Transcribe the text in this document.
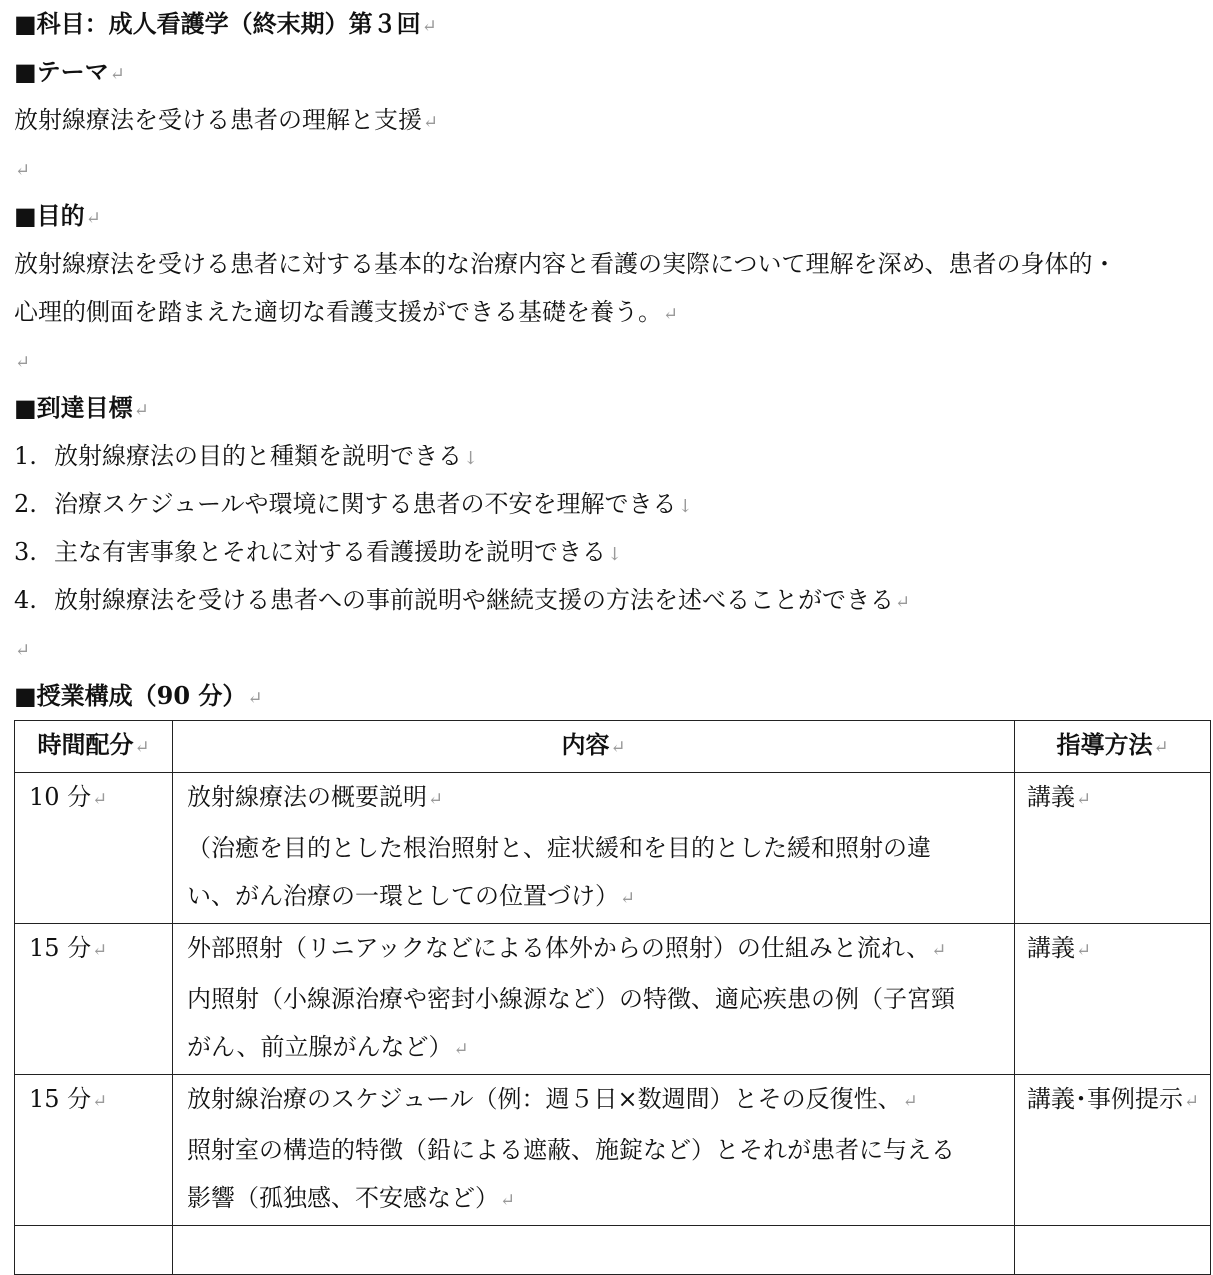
■科目：成人看護学（終末期）第３回↵
■テーマ↵
放射線療法を受ける患者の理解と支援↵
↵
■目的↵
放射線療法を受ける患者に対する基本的な治療内容と看護の実際について理解を深め、患者の身体的・
心理的側面を踏まえた適切な看護支援ができる基礎を養う。↵
↵
■到達目標↵
1. 放射線療法の目的と種類を説明できる↓
2. 治療スケジュールや環境に関する患者の不安を理解できる↓
3. 主な有害事象とそれに対する看護援助を説明できる↓
4. 放射線療法を受ける患者への事前説明や継続支援の方法を述べることができる↵
↵
■授業構成（90 分）↵
時間配分↵	内容↵	指導方法↵
10 分↵	放射線療法の概要説明↵
（治癒を目的とした根治照射と、症状緩和を目的とした緩和照射の違
い、がん治療の一環としての位置づけ）↵	講義↵
15 分↵	外部照射（リニアックなどによる体外からの照射）の仕組みと流れ、↵
内照射（小線源治療や密封小線源など）の特徴、適応疾患の例（子宮頸
がん、前立腺がんなど）↵	講義↵
15 分↵	放射線治療のスケジュール（例：週５日×数週間）とその反復性、↵
照射室の構造的特徴（鉛による遮蔽、施錠など）とそれが患者に与える
影響（孤独感、不安感など）↵	講義･事例提示↵
